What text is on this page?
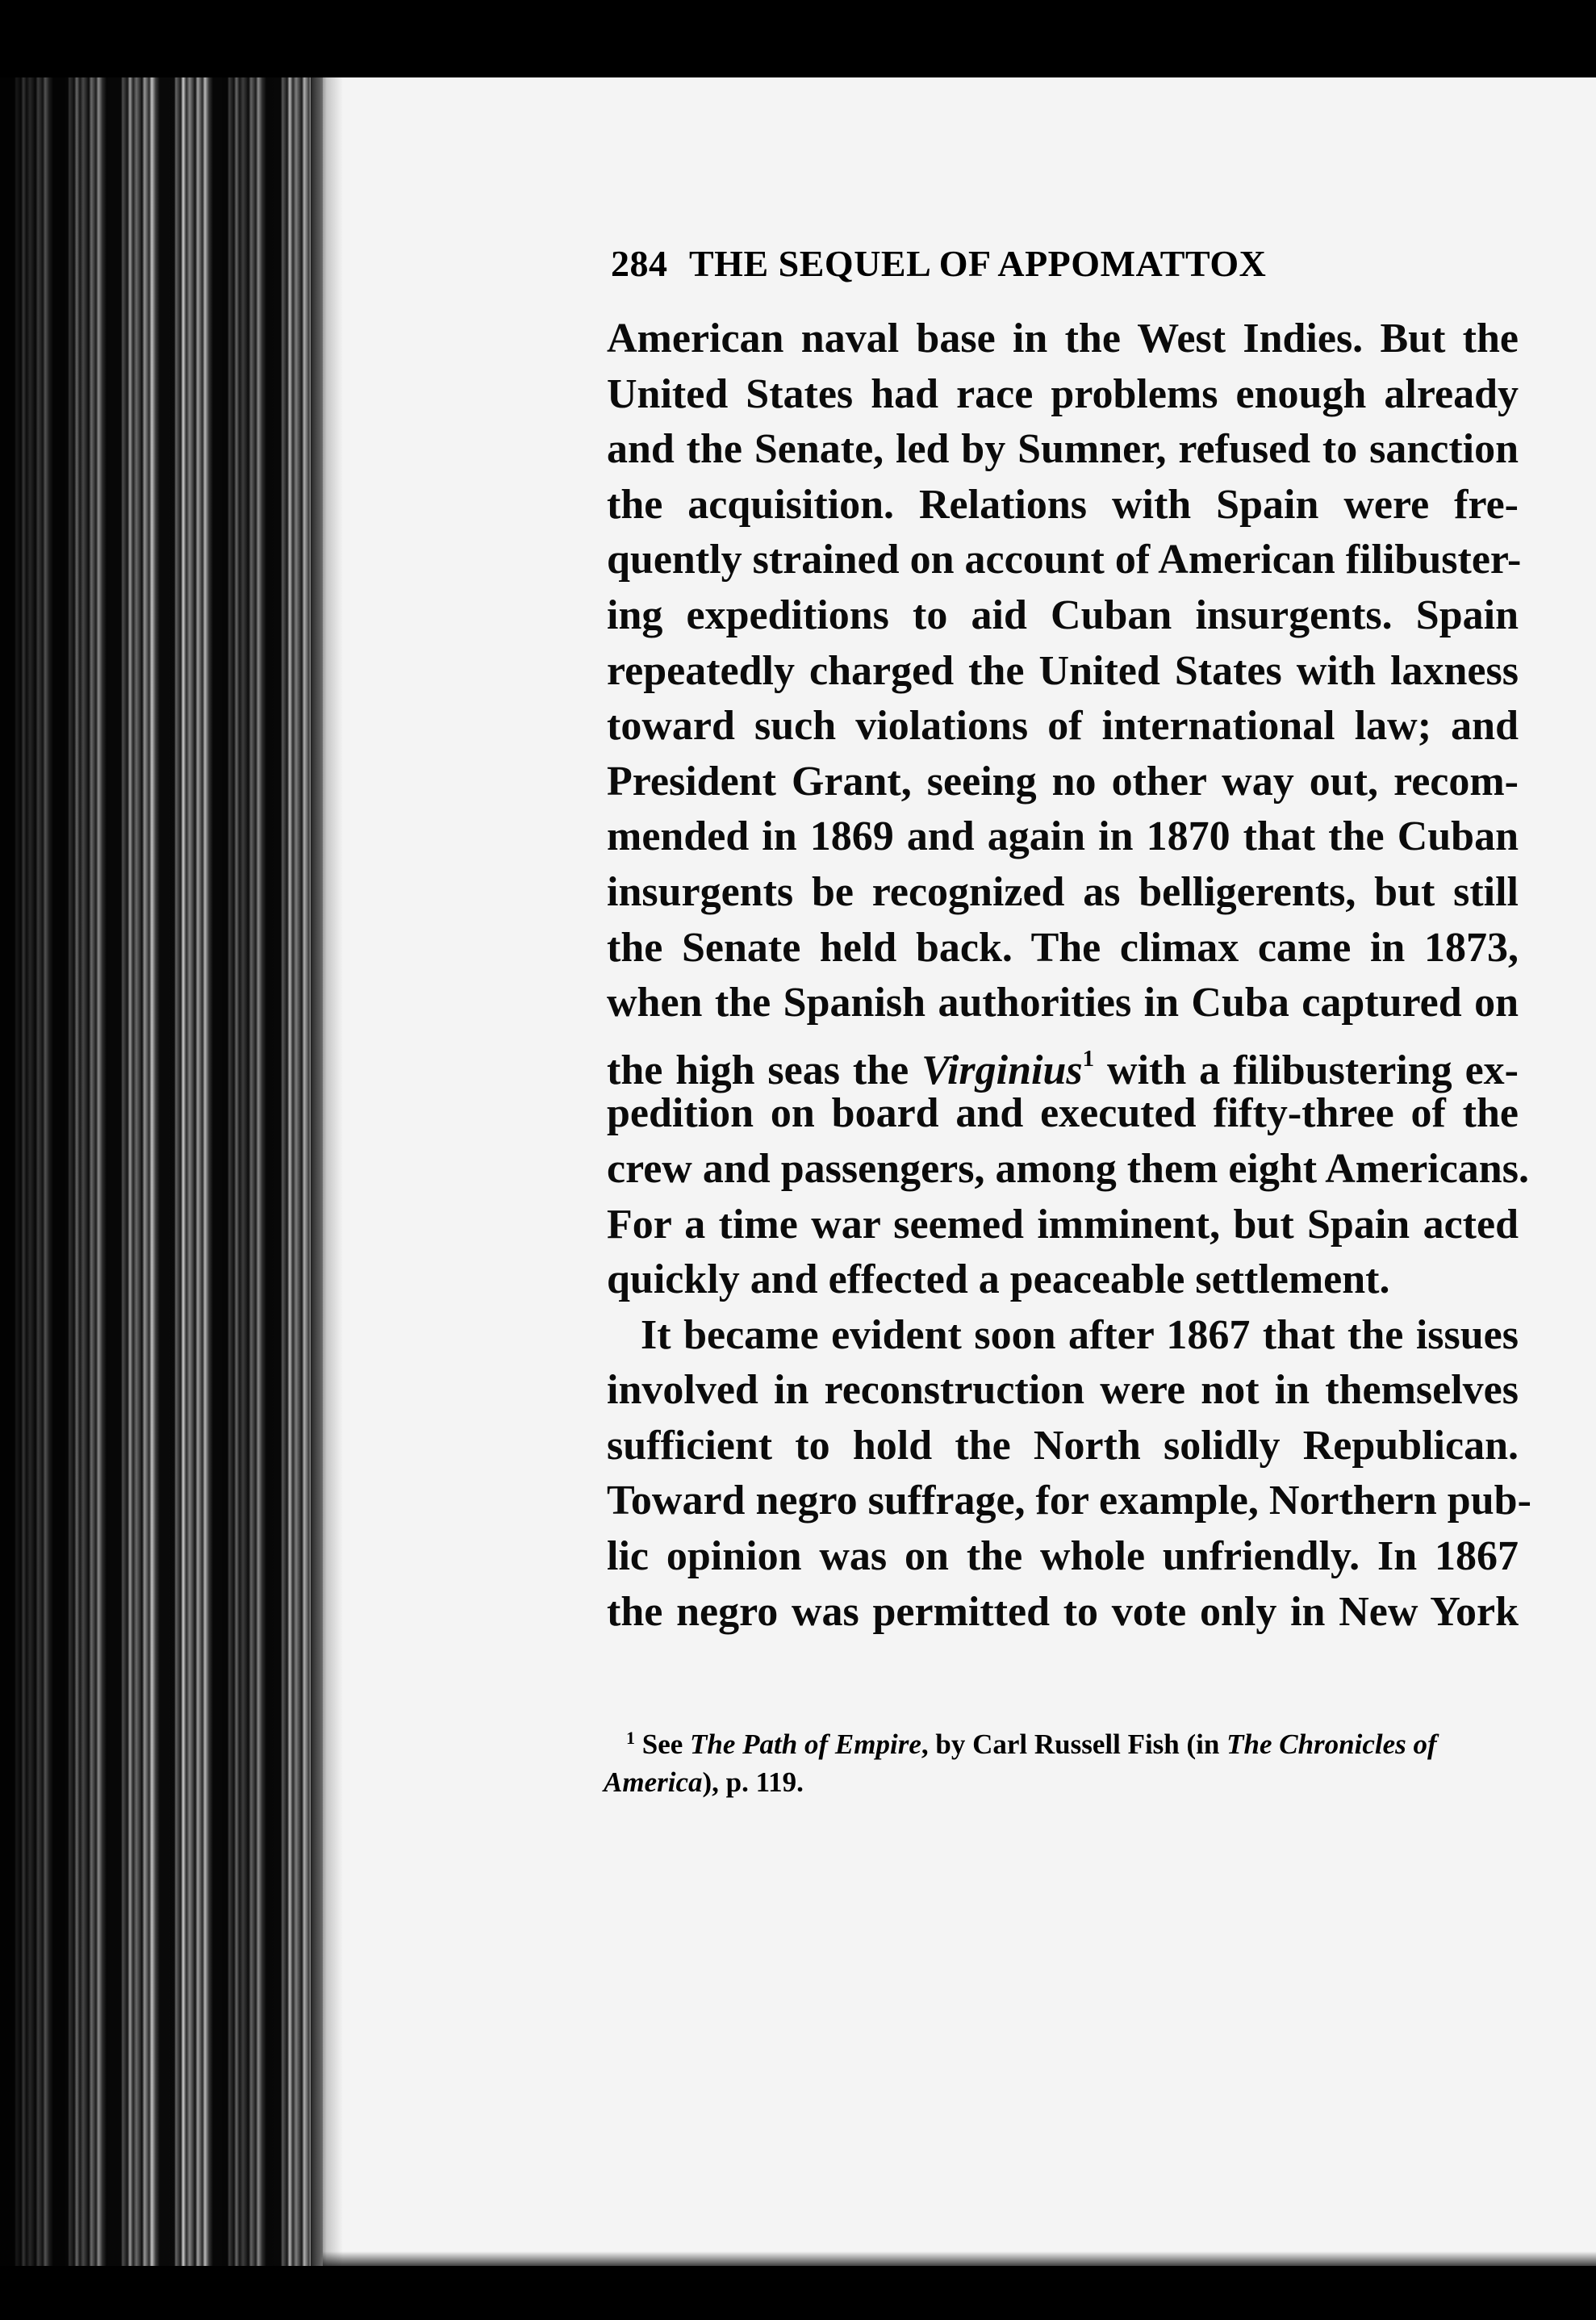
284 THE SEQUEL OF APPOMATTOX
American naval base in the West Indies. But the
United States had race problems enough already
and the Senate, led by Sumner, refused to sanction
the acquisition. Relations with Spain were fre-
quently strained on account of American filibuster-
ing expeditions to aid Cuban insurgents. Spain
repeatedly charged the United States with laxness
toward such violations of international law; and
President Grant, seeing no other way out, recom-
mended in 1869 and again in 1870 that the Cuban
insurgents be recognized as belligerents, but still
the Senate held back. The climax came in 1873,
when the Spanish authorities in Cuba captured on
the high seas the Virginius$^1$ with a filibustering ex-
pedition on board and executed fifty-three of the
crew and passengers, among them eight Americans.
For a time war seemed imminent, but Spain acted
quickly and effected a peaceable settlement.
It became evident soon after 1867 that the issues
involved in reconstruction were not in themselves
sufficient to hold the North solidly Republican.
Toward negro suffrage, for example, Northern pub-
lic opinion was on the whole unfriendly. In 1867
the negro was permitted to vote only in New York
$^1$ See The Path of Empire, by Carl Russell Fish (in The Chronicles of
America), p. 119.
